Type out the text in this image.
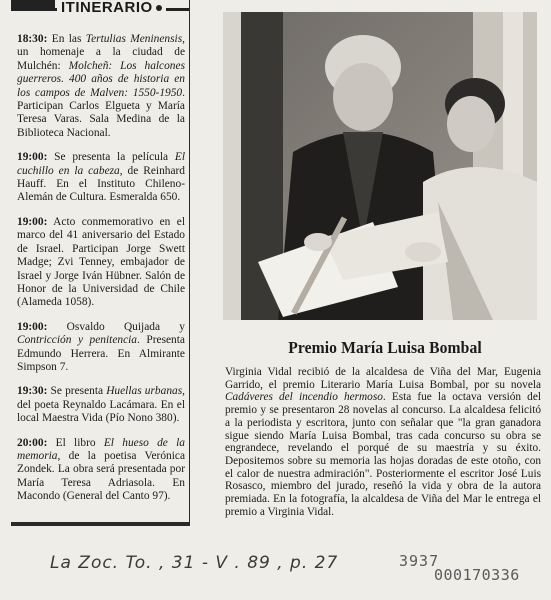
ITINERARIO

18:30: En las Tertulias Meninensis, un homenaje a la ciudad de Mulchén: Molcheñ: Los halcones guerreros. 400 años de historia en los campos de Malven: 1550-1950. Participan Carlos Elgueta y María Teresa Varas. Sala Medina de la Biblioteca Nacional.

19:00: Se presenta la película El cuchillo en la cabeza, de Reinhard Hauff. En el Instituto Chileno-Alemán de Cultura. Esmeralda 650.

19:00: Acto conmemorativo en el marco del 41 aniversario del Estado de Israel. Participan Jorge Swett Madge; Zvi Tenney, embajador de Israel y Jorge Iván Hübner. Salón de Honor de la Universidad de Chile (Alameda 1058).

19:00: Osvaldo Quijada y Contricción y penitencia. Presenta Edmundo Herrera. En Almirante Simpson 7.

19:30: Se presenta Huellas urbanas, del poeta Reynaldo Lacámara. En el local Maestra Vida (Pío Nono 380).

20:00: El libro El hueso de la memoria, de la poetisa Verónica Zondek. La obra será presentada por María Teresa Adriasola. En Macondo (General del Canto 97).

Premio María Luisa Bombal

Virginia Vidal recibió de la alcaldesa de Viña del Mar, Eugenia Garrido, el premio Literario María Luisa Bombal, por su novela Cadáveres del incendio hermoso. Esta fue la octava versión del premio y se presentaron 28 novelas al concurso. La alcaldesa felicitó a la periodista y escritora, junto con señalar que "la gran ganadora sigue siendo María Luisa Bombal, tras cada concurso su obra se engrandece, revelando el porqué de su maestría y su éxito. Depositemos sobre su memoria las hojas doradas de este otoño, con el calor de nuestra admiración". Posteriormente el escritor José Luis Rosasco, miembro del jurado, reseñó la vida y obra de la autora premiada. En la fotografía, la alcaldesa de Viña del Mar le entrega el premio a Virginia Vidal.

La Zoc. To. , 31 - V . 89 , p. 27	3937
000170336
